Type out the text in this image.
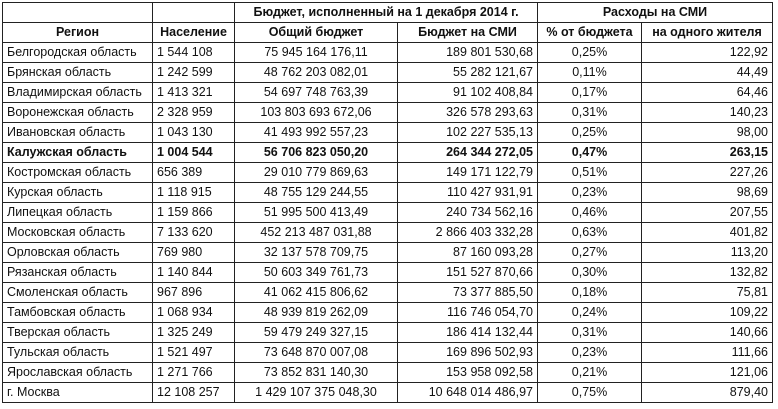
		Бюджет, исполненный на 1 декабря 2014 г.		Расходы на СМИ	
Регион	Население	Общий бюджет	Бюджет на СМИ	% от бюджета	на одного жителя
Белгородская область	1 544 108	75 945 164 176,11	189 801 530,68	0,25%	122,92
Брянская область	1 242 599	48 762 203 082,01	55 282 121,67	0,11%	44,49
Владимирская область	1 413 321	54 697 748 763,39	91 102 408,84	0,17%	64,46
Воронежская область	2 328 959	103 803 693 672,06	326 578 293,63	0,31%	140,23
Ивановская область	1 043 130	41 493 992 557,23	102 227 535,13	0,25%	98,00
Калужская область	1 004 544	56 706 823 050,20	264 344 272,05	0,47%	263,15
Костромская область	656 389	29 010 779 869,63	149 171 122,79	0,51%	227,26
Курская область	1 118 915	48 755 129 244,55	110 427 931,91	0,23%	98,69
Липецкая область	1 159 866	51 995 500 413,49	240 734 562,16	0,46%	207,55
Московская область	7 133 620	452 213 487 031,88	2 866 403 332,28	0,63%	401,82
Орловская область	769 980	32 137 578 709,75	87 160 093,28	0,27%	113,20
Рязанская область	1 140 844	50 603 349 761,73	151 527 870,66	0,30%	132,82
Смоленская область	967 896	41 062 415 806,62	73 377 885,50	0,18%	75,81
Тамбовская область	1 068 934	48 939 819 262,09	116 746 054,70	0,24%	109,22
Тверская область	1 325 249	59 479 249 327,15	186 414 132,44	0,31%	140,66
Тульская область	1 521 497	73 648 870 007,08	169 896 502,93	0,23%	111,66
Ярославская область	1 271 766	73 852 831 140,30	153 958 092,58	0,21%	121,06
г. Москва	12 108 257	1 429 107 375 048,30	10 648 014 486,97	0,75%	879,40
